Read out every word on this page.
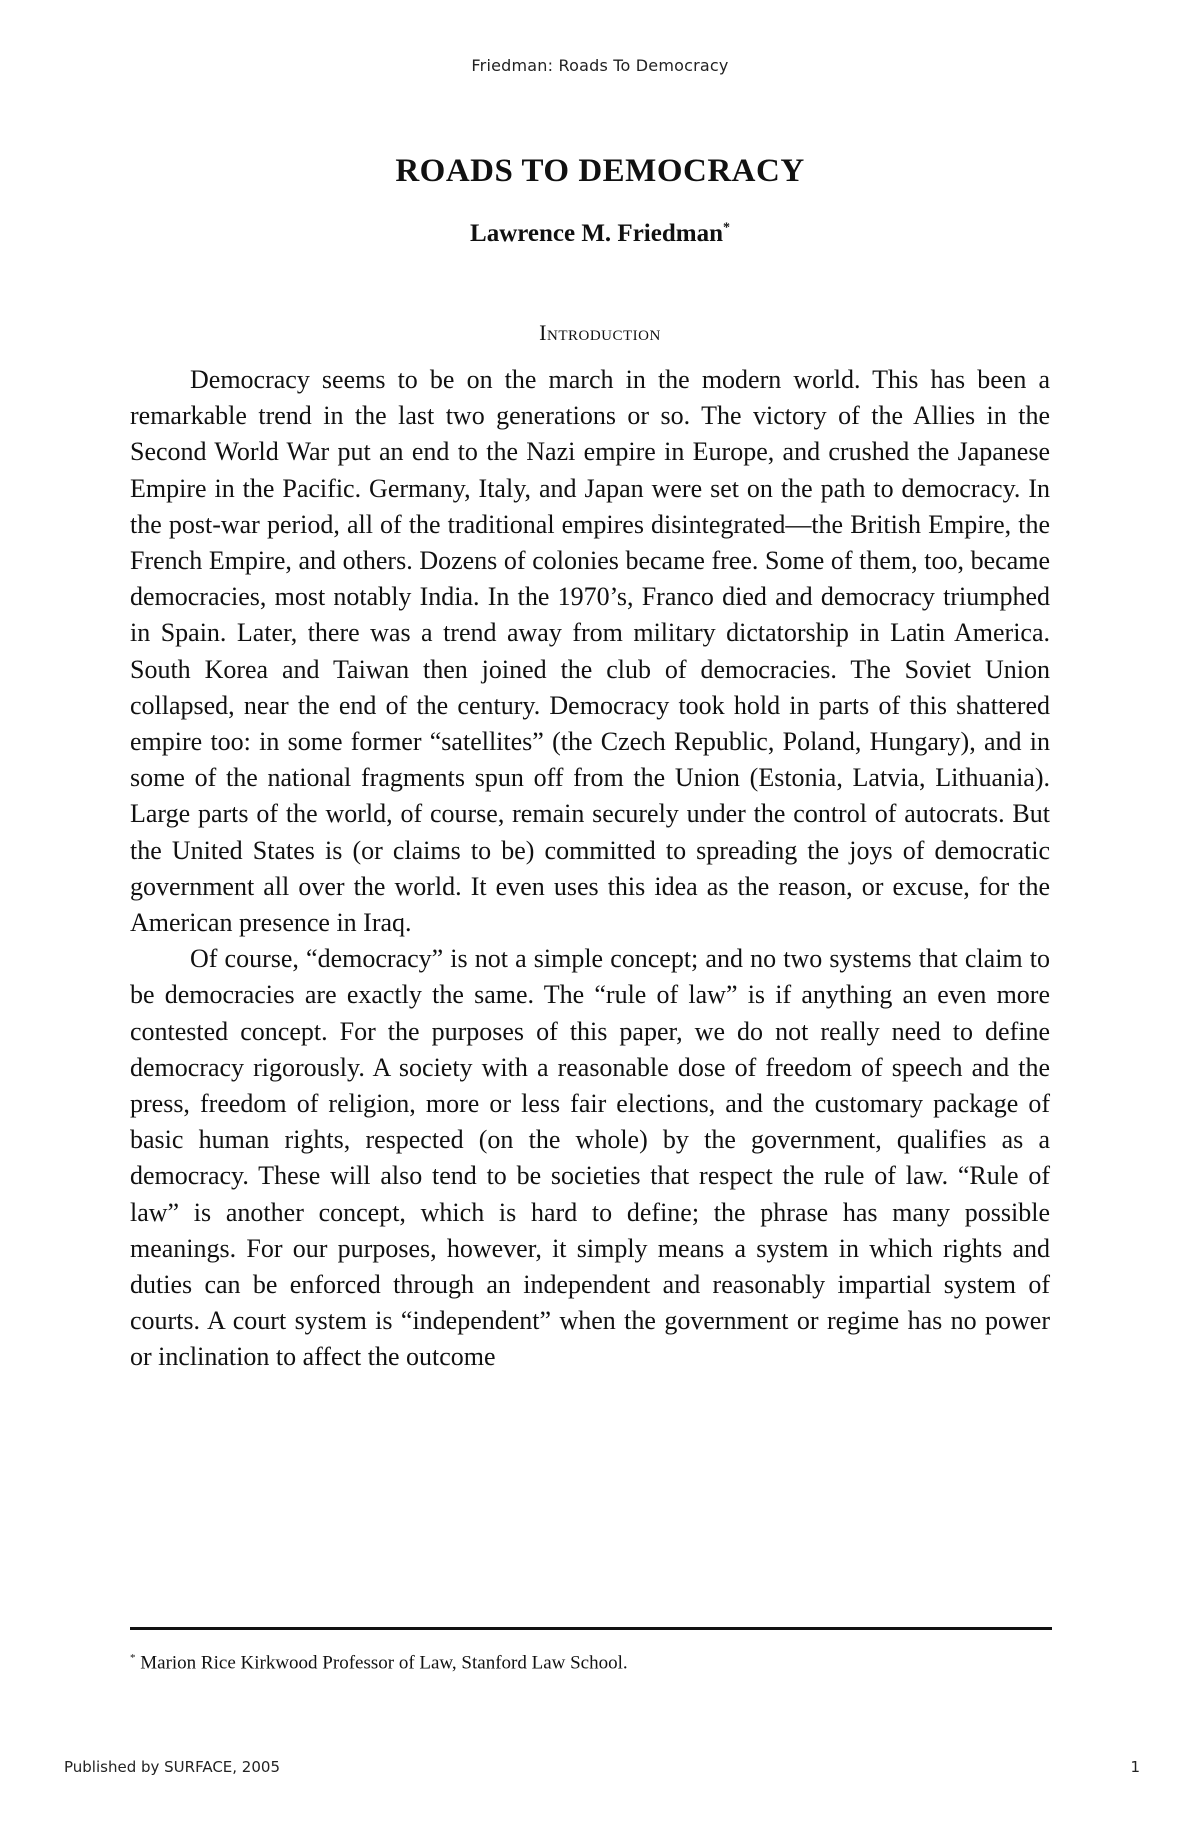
Friedman: Roads To Democracy
ROADS TO DEMOCRACY
Lawrence M. Friedman*
Introduction

Democracy seems to be on the march in the modern world. This has been a remarkable trend in the last two generations or so. The victory of the Allies in the Second World War put an end to the Nazi empire in Europe, and crushed the Japanese Empire in the Pacific. Germany, Italy, and Japan were set on the path to democracy. In the post-war period, all of the traditional empires disintegrated—the British Empire, the French Empire, and others. Dozens of colonies became free. Some of them, too, became democracies, most notably India. In the 1970’s, Franco died and democracy triumphed in Spain. Later, there was a trend away from military dictatorship in Latin America. South Korea and Taiwan then joined the club of democracies. The Soviet Union collapsed, near the end of the century. Democracy took hold in parts of this shattered empire too: in some former “satellites” (the Czech Republic, Poland, Hungary), and in some of the national fragments spun off from the Union (Estonia, Latvia, Lithuania). Large parts of the world, of course, remain securely under the control of autocrats. But the United States is (or claims to be) committed to spreading the joys of democratic government all over the world. It even uses this idea as the reason, or excuse, for the American presence in Iraq.

Of course, “democracy” is not a simple concept; and no two systems that claim to be democracies are exactly the same. The “rule of law” is if anything an even more contested concept. For the purposes of this paper, we do not really need to define democracy rigorously. A society with a reasonable dose of freedom of speech and the press, freedom of religion, more or less fair elections, and the customary package of basic human rights, respected (on the whole) by the government, qualifies as a democracy. These will also tend to be societies that respect the rule of law. “Rule of law” is another concept, which is hard to define; the phrase has many possible meanings. For our purposes, however, it simply means a system in which rights and duties can be enforced through an independent and reasonably impartial system of courts. A court system is “independent” when the government or regime has no power or inclination to affect the outcome

* Marion Rice Kirkwood Professor of Law, Stanford Law School.
Published by SURFACE, 2005	1
